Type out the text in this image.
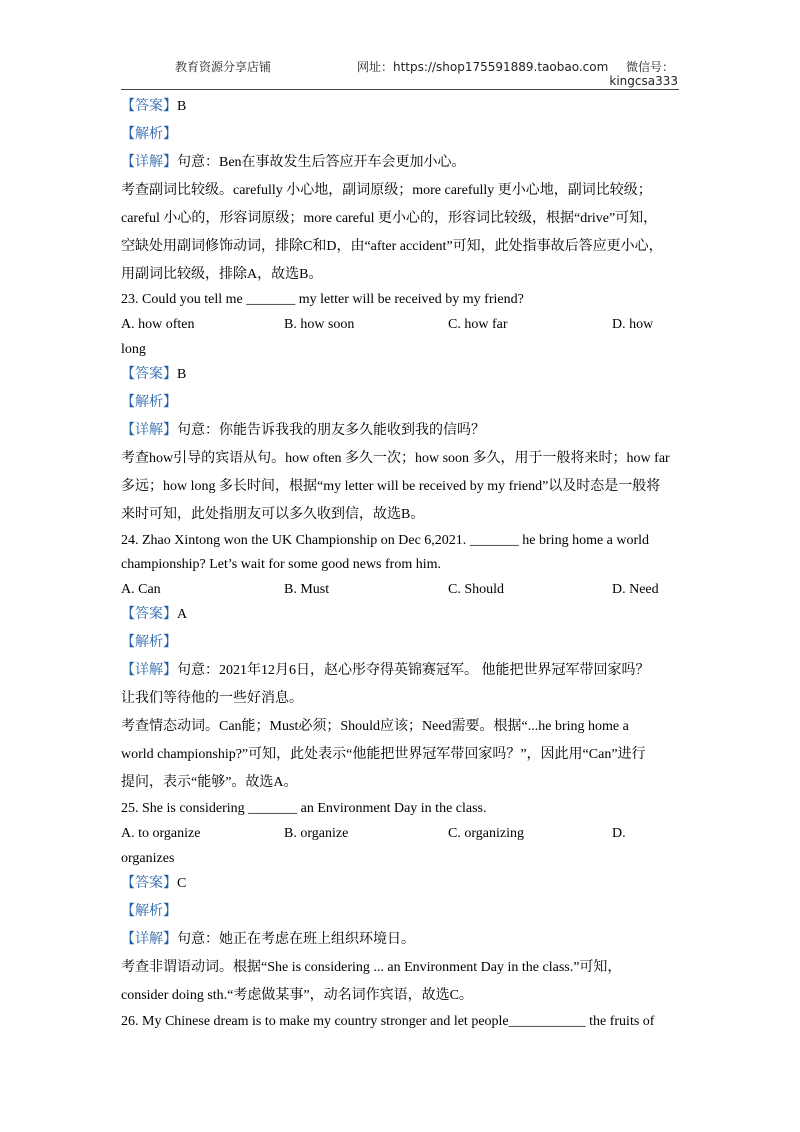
教育资源分享店铺	网址：https://shop175591889.taobao.com 微信号：
kingcsa333
【答案】B
【解析】
【详解】句意：Ben在事故发生后答应开车会更加小心。
考查副词比较级。carefully 小心地，副词原级；more carefully 更小心地，副词比较级；
careful 小心的，形容词原级；more careful 更小心的，形容词比较级，根据“drive”可知，
空缺处用副词修饰动词，排除C和D，由“after accident”可知，此处指事故后答应更小心，
用副词比较级，排除A，故选B。
23. Could you tell me _______ my letter will be received by my friend?
A. how often	B. how soon	C. how far	D. how
long
【答案】B
【解析】
【详解】句意：你能告诉我我的朋友多久能收到我的信吗？
考查how引导的宾语从句。how often 多久一次；how soon 多久，用于一般将来时；how far
多远；how long 多长时间，根据“my letter will be received by my friend”以及时态是一般将
来时可知，此处指朋友可以多久收到信，故选B。
24. Zhao Xintong won the UK Championship on Dec 6,2021. _______ he bring home a world
championship? Let’s wait for some good news from him.
A. Can	B. Must	C. Should	D. Need
【答案】A
【解析】
【详解】句意：2021年12月6日，赵心彤夺得英锦赛冠军。 他能把世界冠军带回家吗？
让我们等待他的一些好消息。
考查情态动词。Can能；Must必须；Should应该；Need需要。根据“...he bring home a
world championship?”可知，此处表示“他能把世界冠军带回家吗？”，因此用“Can”进行
提问，表示“能够”。故选A。
25. She is considering _______ an Environment Day in the class.
A. to organize	B. organize	C. organizing	D.
organizes
【答案】C
【解析】
【详解】句意：她正在考虑在班上组织环境日。
考查非谓语动词。根据“She is considering ... an Environment Day in the class.”可知，
consider doing sth.“考虑做某事”，动名词作宾语，故选C。
26. My Chinese dream is to make my country stronger and let people___________ the fruits of
